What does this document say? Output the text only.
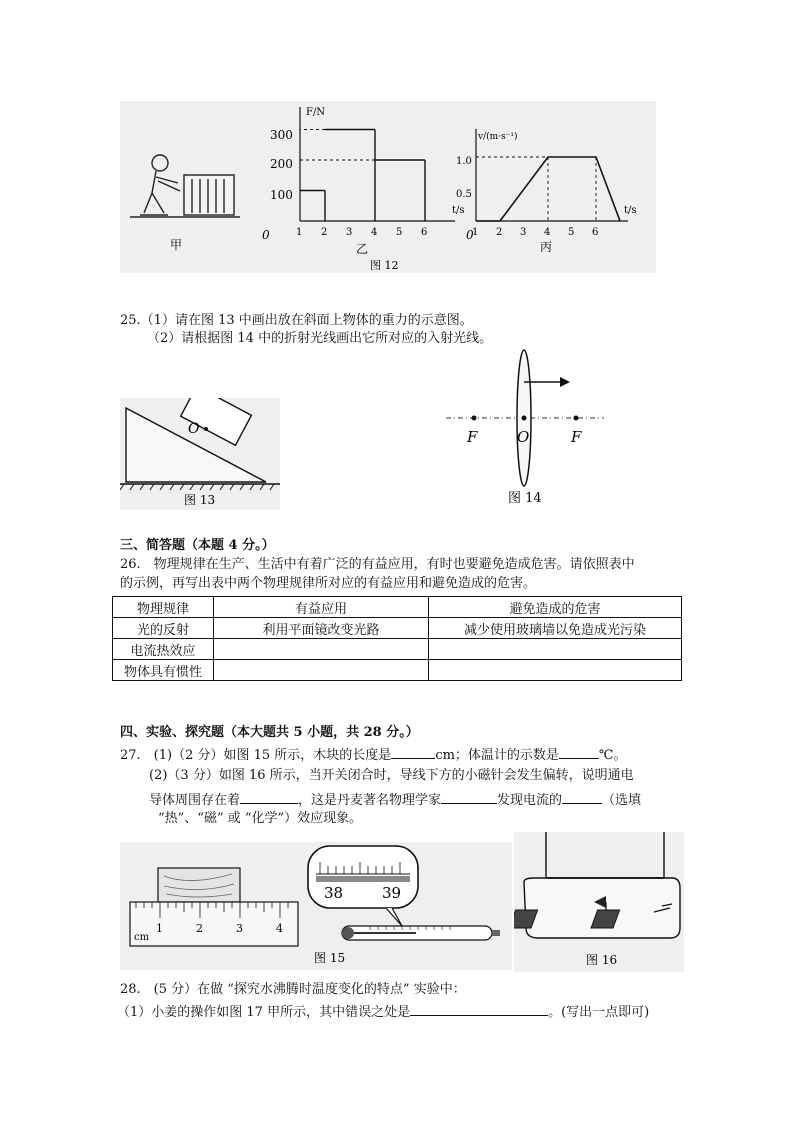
甲
F/N
t/s
0
100
200
300
1 2 3 4 5 6
乙
v/(m·s⁻¹)
t/s
0
0.5
1.0
1 2 3 4 5 6
丙
图 12
25.（1）请在图 13 中画出放在斜面上物体的重力的示意图。
（2）请根据图 14 中的折射光线画出它所对应的入射光线。
O
图 13
F	O	F
图 14
三、简答题（本题 4 分。）
26.　物理规律在生产、生活中有着广泛的有益应用，有时也要避免造成危害。请依照表中
的示例，再写出表中两个物理规律所对应的有益应用和避免造成的危害。
物理规律	有益应用	避免造成的危害
光的反射	利用平面镜改变光路	减少使用玻璃墙以免造成光污染
电流热效应		
物体具有惯性		
四、实验、探究题（本大题共 5 小题，共 28 分。）
27.　(1)（2 分）如图 15 所示，木块的长度是	cm；体温计的示数是	℃。
(2)（3 分）如图 16 所示，当开关闭合时，导线下方的小磁针会发生偏转，说明通电
导体周围存在着	，这是丹麦著名物理学家	发现电流的	（选填
“热”、“磁” 或 “化学”）效应现象。
1	2	3	4
cm
38	39
图 15	图 16
28.　(5 分）在做 “探究水沸腾时温度变化的特点” 实验中：
（1）小姜的操作如图 17 甲所示，其中错误之处是	。(写出一点即可)
